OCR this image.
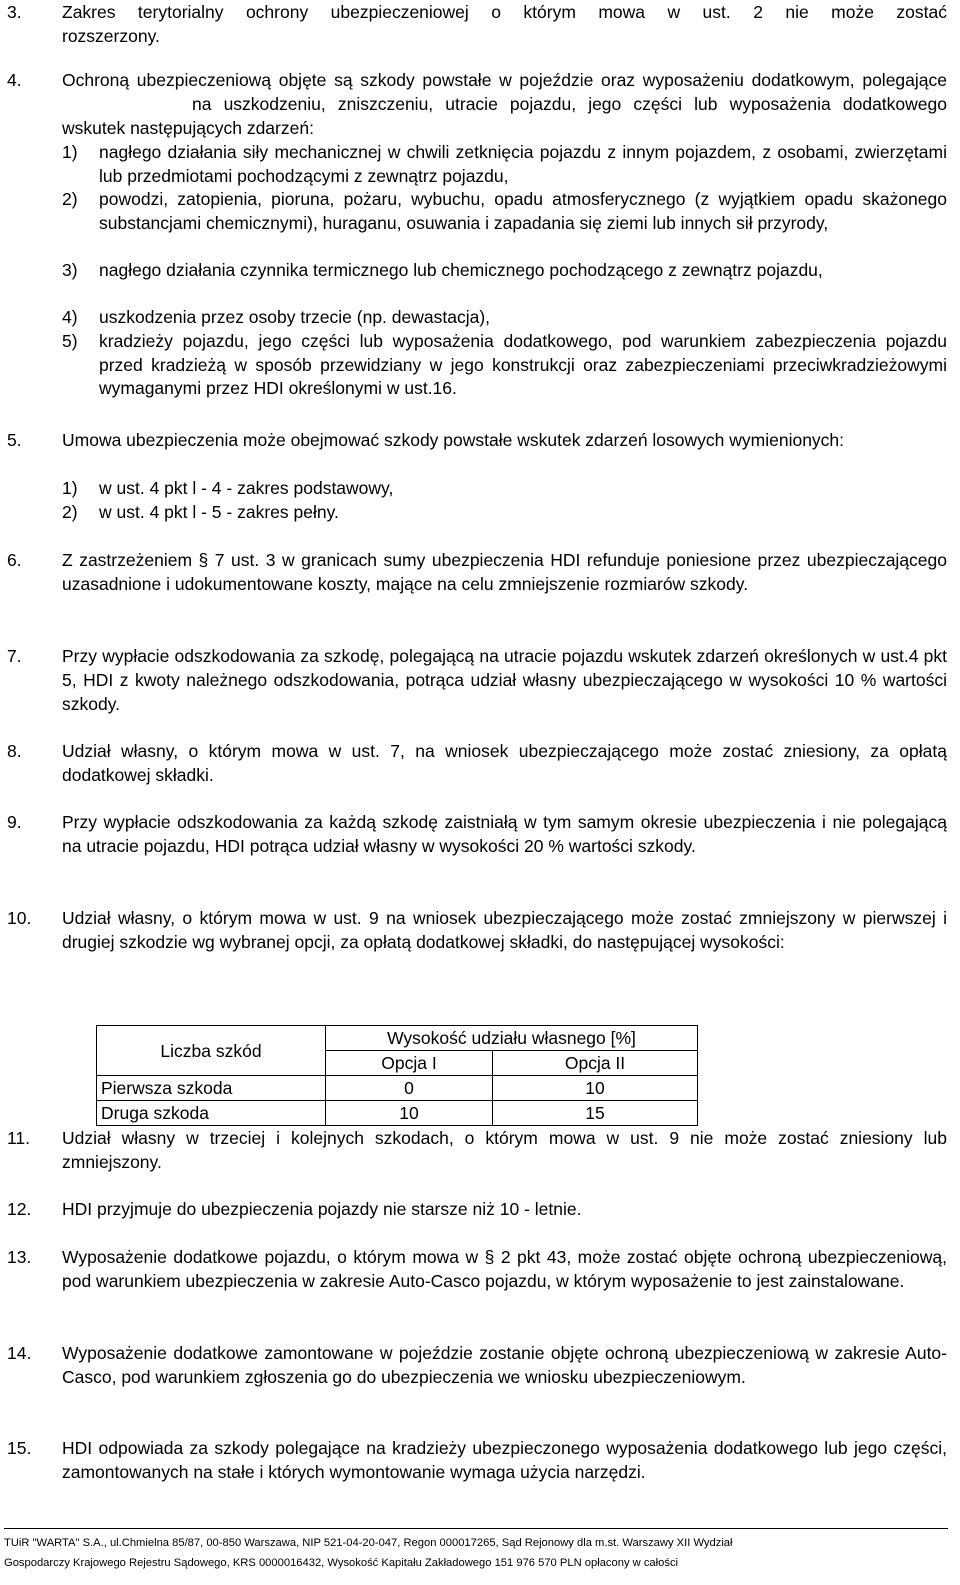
3. Zakres terytorialny ochrony ubezpieczeniowej o którym mowa w ust. 2 nie może zostać
rozszerzony.
4. Ochroną ubezpieczeniową objęte są szkody powstałe w pojeździe oraz wyposażeniu dodatkowym, polegającena uszkodzeniu, zniszczeniu, utracie pojazdu, jego części lub wyposażenia dodatkowego wskutek następujących zdarzeń:
1) nagłego działania siły mechanicznej w chwili zetknięcia pojazdu z innym pojazdem, z osobami, zwierzętami lub przedmiotami pochodzącymi z zewnątrz pojazdu,
2) powodzi, zatopienia, pioruna, pożaru, wybuchu, opadu atmosferycznego (z wyjątkiem opadu skażonego substancjami chemicznymi), huraganu, osuwania i zapadania się ziemi lub innych sił przyrody,
3) nagłego działania czynnika termicznego lub chemicznego pochodzącego z zewnątrz pojazdu,
4) uszkodzenia przez osoby trzecie (np. dewastacja),
5) kradzieży pojazdu, jego części lub wyposażenia dodatkowego, pod warunkiem zabezpieczenia pojazdu przed kradzieżą w sposób przewidziany w jego konstrukcji oraz zabezpieczeniami przeciwkradzieżowymi wymaganymi przez HDI określonymi w ust.16.
5. Umowa ubezpieczenia może obejmować szkody powstałe wskutek zdarzeń losowych wymienionych:
1) w ust. 4 pkt l - 4 - zakres podstawowy,
2) w ust. 4 pkt l - 5 - zakres pełny.
6. Z zastrzeżeniem § 7 ust. 3 w granicach sumy ubezpieczenia HDI refunduje poniesione przez ubezpieczającego uzasadnione i udokumentowane koszty, mające na celu zmniejszenie rozmiarów szkody.
7. Przy wypłacie odszkodowania za szkodę, polegającą na utracie pojazdu wskutek zdarzeń określonych w ust.4 pkt 5, HDI z kwoty należnego odszkodowania, potrąca udział własny ubezpieczającego w wysokości 10 % wartości szkody.
8. Udział własny, o którym mowa w ust. 7, na wniosek ubezpieczającego może zostać zniesiony, za opłatą dodatkowej składki.
9. Przy wypłacie odszkodowania za każdą szkodę zaistniałą w tym samym okresie ubezpieczenia i nie polegającą na utracie pojazdu, HDI potrąca udział własny w wysokości 20 % wartości szkody.
10. Udział własny, o którym mowa w ust. 9 na wniosek ubezpieczającego może zostać zmniejszony w pierwszej i drugiej szkodzie wg wybranej opcji, za opłatą dodatkowej składki, do następującej wysokości:
Liczba szkód	Wysokość udziału własnego [%]	
	Opcja I	Opcja II
Pierwsza szkoda	0	10
Druga szkoda	10	15
11. Udział własny w trzeciej i kolejnych szkodach, o którym mowa w ust. 9 nie może zostać zniesiony lub zmniejszony.
12. HDI przyjmuje do ubezpieczenia pojazdy nie starsze niż 10 - letnie.
13. Wyposażenie dodatkowe pojazdu, o którym mowa w § 2 pkt 43, może zostać objęte ochroną ubezpieczeniową, pod warunkiem ubezpieczenia w zakresie Auto-Casco pojazdu, w którym wyposażenie to jest zainstalowane.
14. Wyposażenie dodatkowe zamontowane w pojeździe zostanie objęte ochroną ubezpieczeniową w zakresie Auto-Casco, pod warunkiem zgłoszenia go do ubezpieczenia we wniosku ubezpieczeniowym.
15. HDI odpowiada za szkody polegające na kradzieży ubezpieczonego wyposażenia dodatkowego lub jego części, zamontowanych na stałe i których wymontowanie wymaga użycia narzędzi.
TUiR "WARTA" S.A., ul.Chmielna 85/87, 00-850 Warszawa, NIP 521-04-20-047, Regon 000017265, Sąd Rejonowy dla m.st. Warszawy XII Wydział
Gospodarczy Krajowego Rejestru Sądowego, KRS 0000016432, Wysokość Kapitału Zakładowego 151 976 570 PLN opłacony w całości
